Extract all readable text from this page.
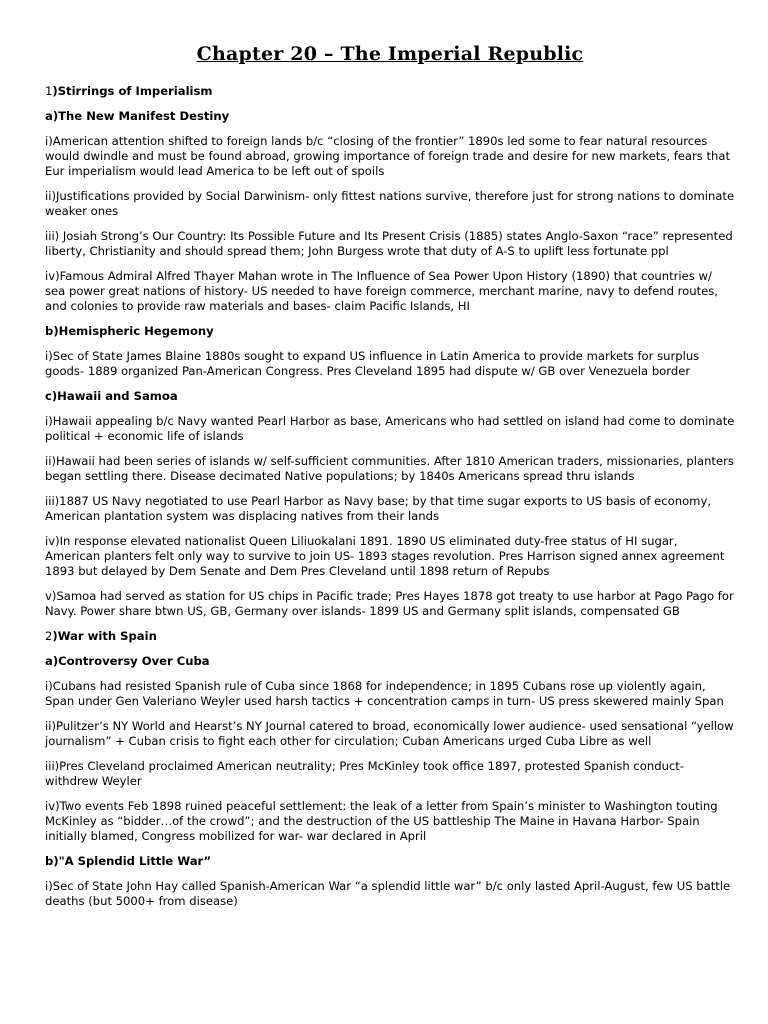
Chapter 20 – The Imperial Republic
1)Stirrings of Imperialism
a)The New Manifest Destiny

i)American attention shifted to foreign lands b/c “closing of the frontier” 1890s led some to fear natural resources would dwindle and must be found abroad, growing importance of foreign trade and desire for new markets, fears that Eur imperialism would lead America to be left out of spoils

ii)Justifications provided by Social Darwinism- only fittest nations survive, therefore just for strong nations to dominate weaker ones

iii) Josiah Strong’s Our Country: Its Possible Future and Its Present Crisis (1885) states Anglo-Saxon “race” represented liberty, Christianity and should spread them; John Burgess wrote that duty of A-S to uplift less fortunate ppl

iv)Famous Admiral Alfred Thayer Mahan wrote in The Influence of Sea Power Upon History (1890) that countries w/ sea power great nations of history- US needed to have foreign commerce, merchant marine, navy to defend routes, and colonies to provide raw materials and bases- claim Pacific Islands, HI

b)Hemispheric Hegemony

i)Sec of State James Blaine 1880s sought to expand US influence in Latin America to provide markets for surplus goods- 1889 organized Pan-American Congress. Pres Cleveland 1895 had dispute w/ GB over Venezuela border

c)Hawaii and Samoa

i)Hawaii appealing b/c Navy wanted Pearl Harbor as base, Americans who had settled on island had come to dominate political + economic life of islands

ii)Hawaii had been series of islands w/ self-sufficient communities. After 1810 American traders, missionaries, planters began settling there. Disease decimated Native populations; by 1840s Americans spread thru islands

iii)1887 US Navy negotiated to use Pearl Harbor as Navy base; by that time sugar exports to US basis of economy, American plantation system was displacing natives from their lands

iv)In response elevated nationalist Queen Liliuokalani 1891. 1890 US eliminated duty-free status of HI sugar, American planters felt only way to survive to join US- 1893 stages revolution. Pres Harrison signed annex agreement 1893 but delayed by Dem Senate and Dem Pres Cleveland until 1898 return of Repubs

v)Samoa had served as station for US chips in Pacific trade; Pres Hayes 1878 got treaty to use harbor at Pago Pago for Navy. Power share btwn US, GB, Germany over islands- 1899 US and Germany split islands, compensated GB

2)War with Spain
a)Controversy Over Cuba

i)Cubans had resisted Spanish rule of Cuba since 1868 for independence; in 1895 Cubans rose up violently again, Span under Gen Valeriano Weyler used harsh tactics + concentration camps in turn- US press skewered mainly Span

ii)Pulitzer’s NY World and Hearst’s NY Journal catered to broad, economically lower audience- used sensational “yellow journalism” + Cuban crisis to fight each other for circulation; Cuban Americans urged Cuba Libre as well

iii)Pres Cleveland proclaimed American neutrality; Pres McKinley took office 1897, protested Spanish conduct- withdrew Weyler

iv)Two events Feb 1898 ruined peaceful settlement: the leak of a letter from Spain’s minister to Washington touting McKinley as “bidder…of the crowd”; and the destruction of the US battleship The Maine in Havana Harbor- Spain initially blamed, Congress mobilized for war- war declared in April

b)"A Splendid Little War”

i)Sec of State John Hay called Spanish-American War “a splendid little war” b/c only lasted April-August, few US battle deaths (but 5000+ from disease)
